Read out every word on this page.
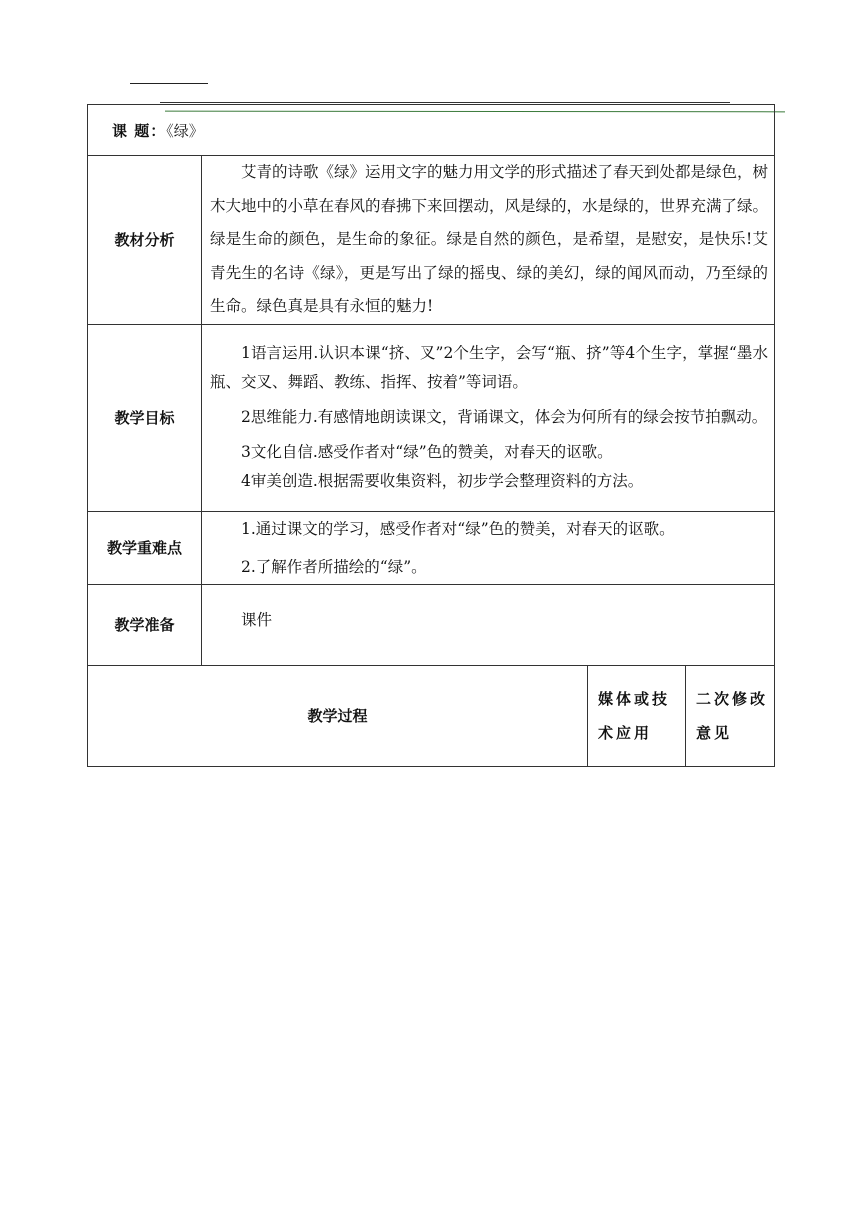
课 题：《绿》			
教材分析	艾青的诗歌《绿》运用文字的魅力用文学的形式描述了春天到处都是绿色，树木大地中的小草在春风的春拂下来回摆动，风是绿的，水是绿的，世界充满了绿。绿是生命的颜色，是生命的象征。绿是自然的颜色，是希望，是慰安，是快乐!艾青先生的名诗《绿》，更是写出了绿的摇曳、绿的美幻，绿的闻风而动，乃至绿的生命。绿色真是具有永恒的魅力!		

教学目标	1语言运用.认识本课“挤、叉”2个生字，会写“瓶、挤”等4个生字，掌握“墨水瓶、交叉、舞蹈、教练、指挥、按着”等词语。

2思维能力.有感情地朗读课文，背诵课文，体会为何所有的绿会按节拍飘动。

3文化自信.感受作者对“绿”色的赞美，对春天的讴歌。

4审美创造.根据需要收集资料，初步学会整理资料的方法。		

教学重难点	1.通过课文的学习，感受作者对“绿”色的赞美，对春天的讴歌。

2.了解作者所描绘的“绿”。		

教学准备	课件		

教学过程		媒体或技术应用	二次修改意见
